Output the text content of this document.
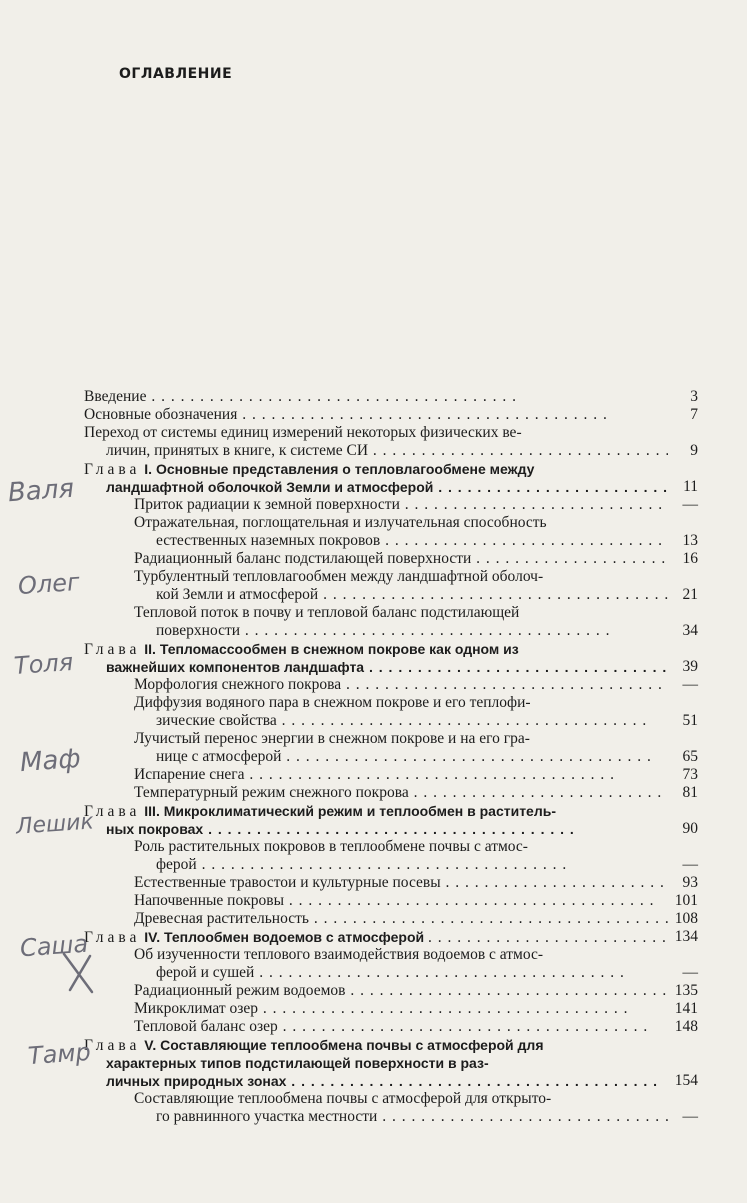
ОГЛАВЛЕНИЕ
Введение . .	3
Основные обозначения . .	7
Переход от системы единиц измерений некоторых физических ве-
личин, принятых в книге, к системе СИ . .	9
Глава I. Основные представления о тепловлагообмене между
ландшафтной оболочкой Земли и атмосферой . .	11
Приток радиации к земной поверхности . .	—
Отражательная, поглощательная и излучательная способность
естественных наземных покровов . .	13
Радиационный баланс подстилающей поверхности . .	16
Турбулентный тепловлагообмен между ландшафтной оболоч-
кой Земли и атмосферой . .	21
Тепловой поток в почву и тепловой баланс подстилающей
поверхности . .	34
Глава II. Тепломассообмен в снежном покрове как одном из
важнейших компонентов ландшафта . .	39
Морфология снежного покрова . .	—
Диффузия водяного пара в снежном покрове и его теплофи-
зические свойства . .	51
Лучистый перенос энергии в снежном покрове и на его гра-
нице с атмосферой . .	65
Испарение снега . .	73
Температурный режим снежного покрова . .	81
Глава III. Микроклиматический режим и теплообмен в раститель-
ных покровах . .	90
Роль растительных покровов в теплообмене почвы с атмос-
ферой . .	—
Естественные травостои и культурные посевы . .	93
Напочвенные покровы . .	101
Древесная растительность . .	108
Глава IV. Теплообмен водоемов с атмосферой . .	134
Об изученности теплового взаимодействия водоемов с атмос-
ферой и сушей . .	—
Радиационный режим водоемов . .	135
Микроклимат озер . .	141
Тепловой баланс озер . .	148
Глава V. Составляющие теплообмена почвы с атмосферой для
характерных типов подстилающей поверхности в раз-
личных природных зонах . .	154
Составляющие теплообмена почвы с атмосферой для открыто-
го равнинного участка местности . .	—
Валя
Олег
Толя
Маф
Лешик
Саша
Тамр
